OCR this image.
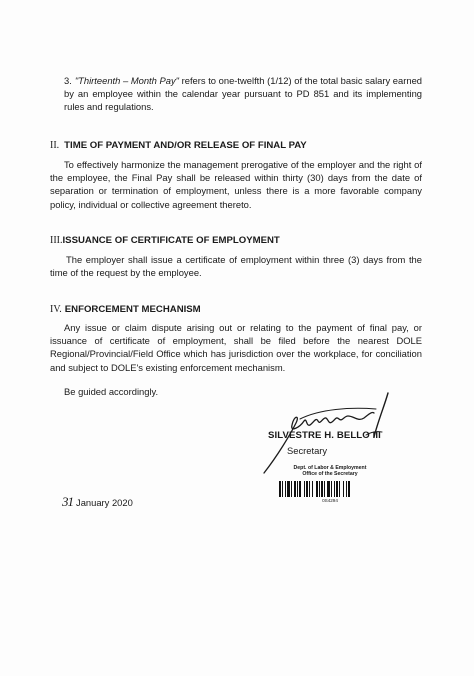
3. "Thirteenth – Month Pay" refers to one-twelfth (1/12) of the total basic salary earned by an employee within the calendar year pursuant to PD 851 and its implementing rules and regulations.

II. TIME OF PAYMENT AND/OR RELEASE OF FINAL PAY

To effectively harmonize the management prerogative of the employer and the right of the employee, the Final Pay shall be released within thirty (30) days from the date of separation or termination of employment, unless there is a more favorable company policy, individual or collective agreement thereto.

III.ISSUANCE OF CERTIFICATE OF EMPLOYMENT

The employer shall issue a certificate of employment within three (3) days from the time of the request by the employee.

IV. ENFORCEMENT MECHANISM

Any issue or claim dispute arising out or relating to the payment of final pay, or issuance of certificate of employment, shall be filed before the nearest DOLE Regional/Provincial/Field Office which has jurisdiction over the workplace, for conciliation and subject to DOLE's existing enforcement mechanism.

Be guided accordingly.

SILVESTRE H. BELLO III
Secretary
Dept. of Labor & Employment
Office of the Secretary
0S4294
31 January 2020
